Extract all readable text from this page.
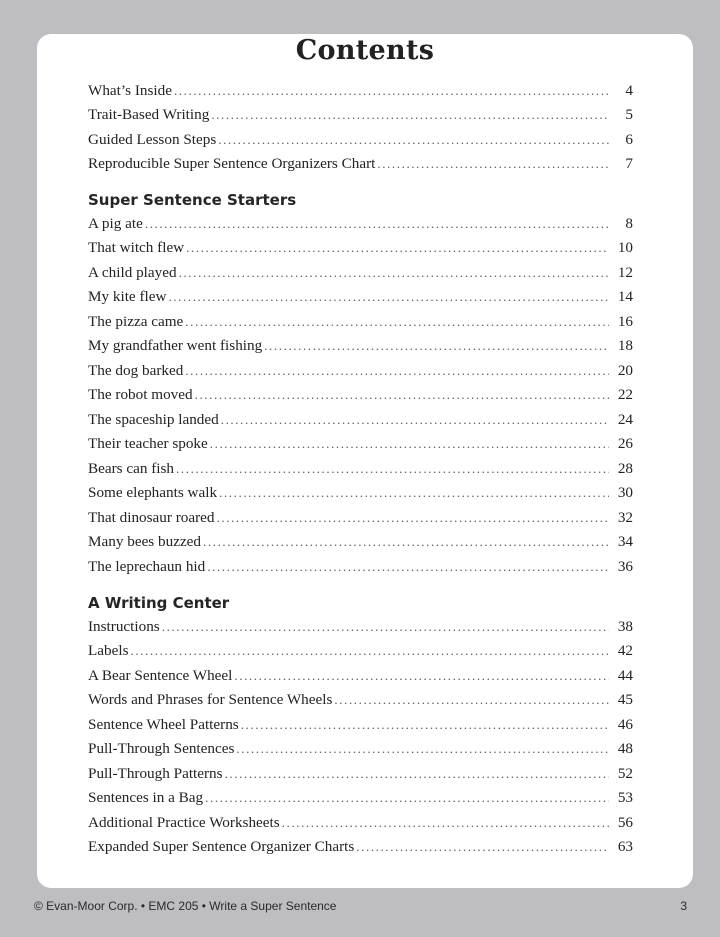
Contents
What’s Inside .....	4
Trait-Based Writing .....	5
Guided Lesson Steps .....	6
Reproducible Super Sentence Organizers Chart .....	7
Super Sentence Starters
A pig ate .....	8
That witch flew .....	10
A child played .....	12
My kite flew .....	14
The pizza came .....	16
My grandfather went fishing .....	18
The dog barked .....	20
The robot moved .....	22
The spaceship landed .....	24
Their teacher spoke .....	26
Bears can fish .....	28
Some elephants walk .....	30
That dinosaur roared .....	32
Many bees buzzed .....	34
The leprechaun hid .....	36
A Writing Center
Instructions .....	38
Labels .....	42
A Bear Sentence Wheel .....	44
Words and Phrases for Sentence Wheels .....	45
Sentence Wheel Patterns .....	46
Pull-Through Sentences .....	48
Pull-Through Patterns .....	52
Sentences in a Bag .....	53
Additional Practice Worksheets .....	56
Expanded Super Sentence Organizer Charts .....	63
© Evan-Moor Corp. • EMC 205 • Write a Super Sentence	3
